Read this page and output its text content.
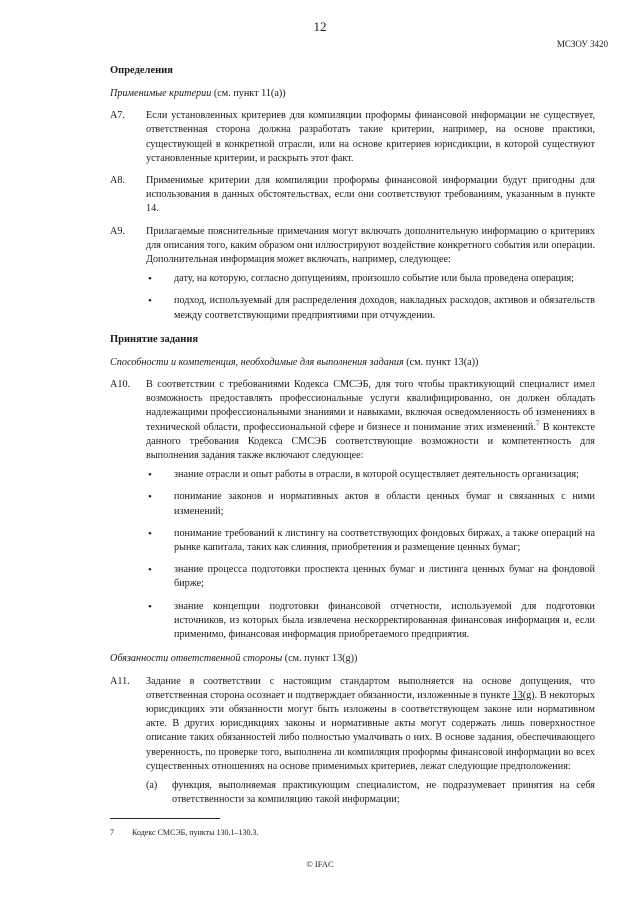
12
МСЗОУ 3420
Определения

Применимые критерии (см. пункт 11(a))

A7.	Если установленных критериев для компиляции проформы финансовой информации не существует, ответственная сторона должна разработать такие критерии, например, на основе практики, существующей в конкретной отрасли, или на основе критериев юрисдикции, в которой существуют установленные критерии, и раскрыть этот факт.
A8.	Применимые критерии для компиляции проформы финансовой информации будут пригодны для использования в данных обстоятельствах, если они соответствуют требованиям, указанным в пункте 14.
A9.	Прилагаемые пояснительные примечания могут включать дополнительную информацию о критериях для описания того, каким образом они иллюстрируют воздействие конкретного события или операции. Дополнительная информация может включать, например, следующее:
•	дату, на которую, согласно допущениям, произошло событие или была проведена операция;
•	подход, используемый для распределения доходов, накладных расходов, активов и обязательств между соответствующими предприятиями при отчуждении.
Принятие задания

Способности и компетенция, необходимые для выполнения задания (см. пункт 13(a))

A10.	В соответствии с требованиями Кодекса СМСЭБ, для того чтобы практикующий специалист имел возможность предоставлять профессиональные услуги квалифицированно, он должен обладать надлежащими профессиональными знаниями и навыками, включая осведомленность об изменениях в технической области, профессиональной сфере и бизнесе и понимание этих изменений.$^7$ В контексте данного требования Кодекса СМСЭБ соответствующие возможности и компетентность для выполнения задания также включают следующее:
•	знание отрасли и опыт работы в отрасли, в которой осуществляет деятельность организация;
•	понимание законов и нормативных актов в области ценных бумаг и связанных с ними изменений;
•	понимание требований к листингу на соответствующих фондовых биржах, а также операций на рынке капитала, таких как слияния, приобретения и размещение ценных бумаг;
•	знание процесса подготовки проспекта ценных бумаг и листинга ценных бумаг на фондовой бирже;
•	знание концепции подготовки финансовой отчетности, используемой для подготовки источников, из которых была извлечена нескорректированная финансовая информация и, если применимо, финансовая информация приобретаемого предприятия.

Обязанности ответственной стороны (см. пункт 13(g))

A11.	Задание в соответствии с настоящим стандартом выполняется на основе допущения, что ответственная сторона осознает и подтверждает обязанности, изложенные в пункте 13(g). В некоторых юрисдикциях эти обязанности могут быть изложены в соответствующем законе или нормативном акте. В других юрисдикциях законы и нормативные акты могут содержать лишь поверхностное описание таких обязанностей либо полностью умалчивать о них. В основе задания, обеспечивающего уверенность, по проверке того, выполнена ли компиляция проформы финансовой информации во всех существенных отношениях на основе применимых критериев, лежат следующие предположения:
(a)	функция, выполняемая практикующим специалистом, не подразумевает принятия на себя ответственности за компиляцию такой информации;
7	Кодекс СМСЭБ, пункты 130.1–130.3.
© IFAC
